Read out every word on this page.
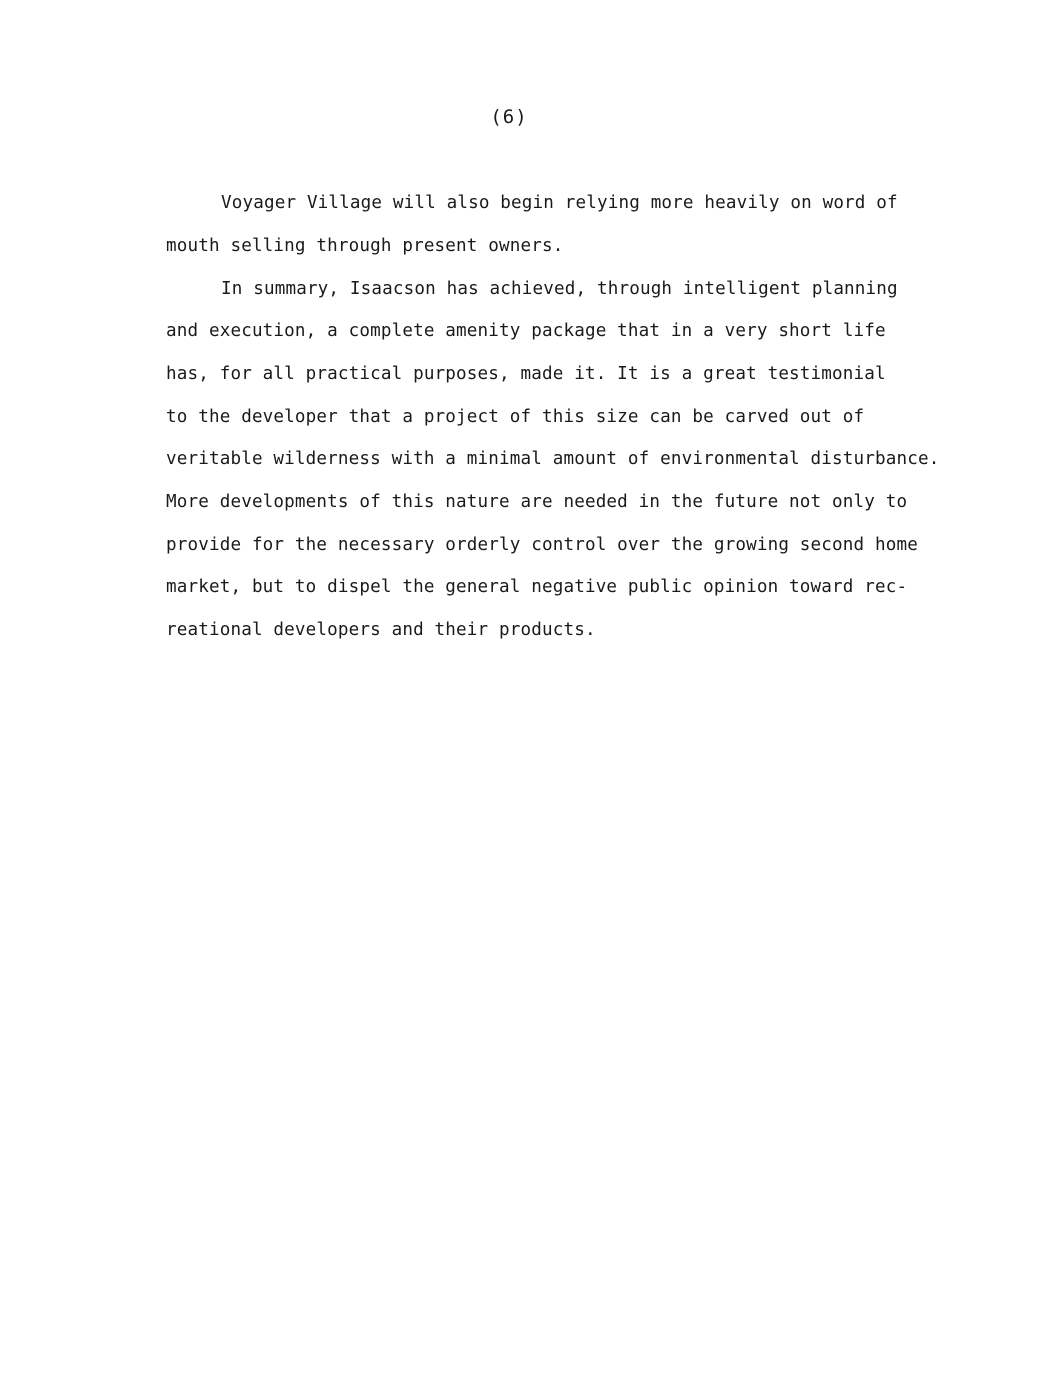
(6)
Voyager Village will also begin relying more heavily on word of
mouth selling through present owners.
In summary, Isaacson has achieved, through intelligent planning
and execution, a complete amenity package that in a very short life
has, for all practical purposes, made it. It is a great testimonial
to the developer that a project of this size can be carved out of
veritable wilderness with a minimal amount of environmental disturbance.
More developments of this nature are needed in the future not only to
provide for the necessary orderly control over the growing second home
market, but to dispel the general negative public opinion toward rec-
reational developers and their products.
